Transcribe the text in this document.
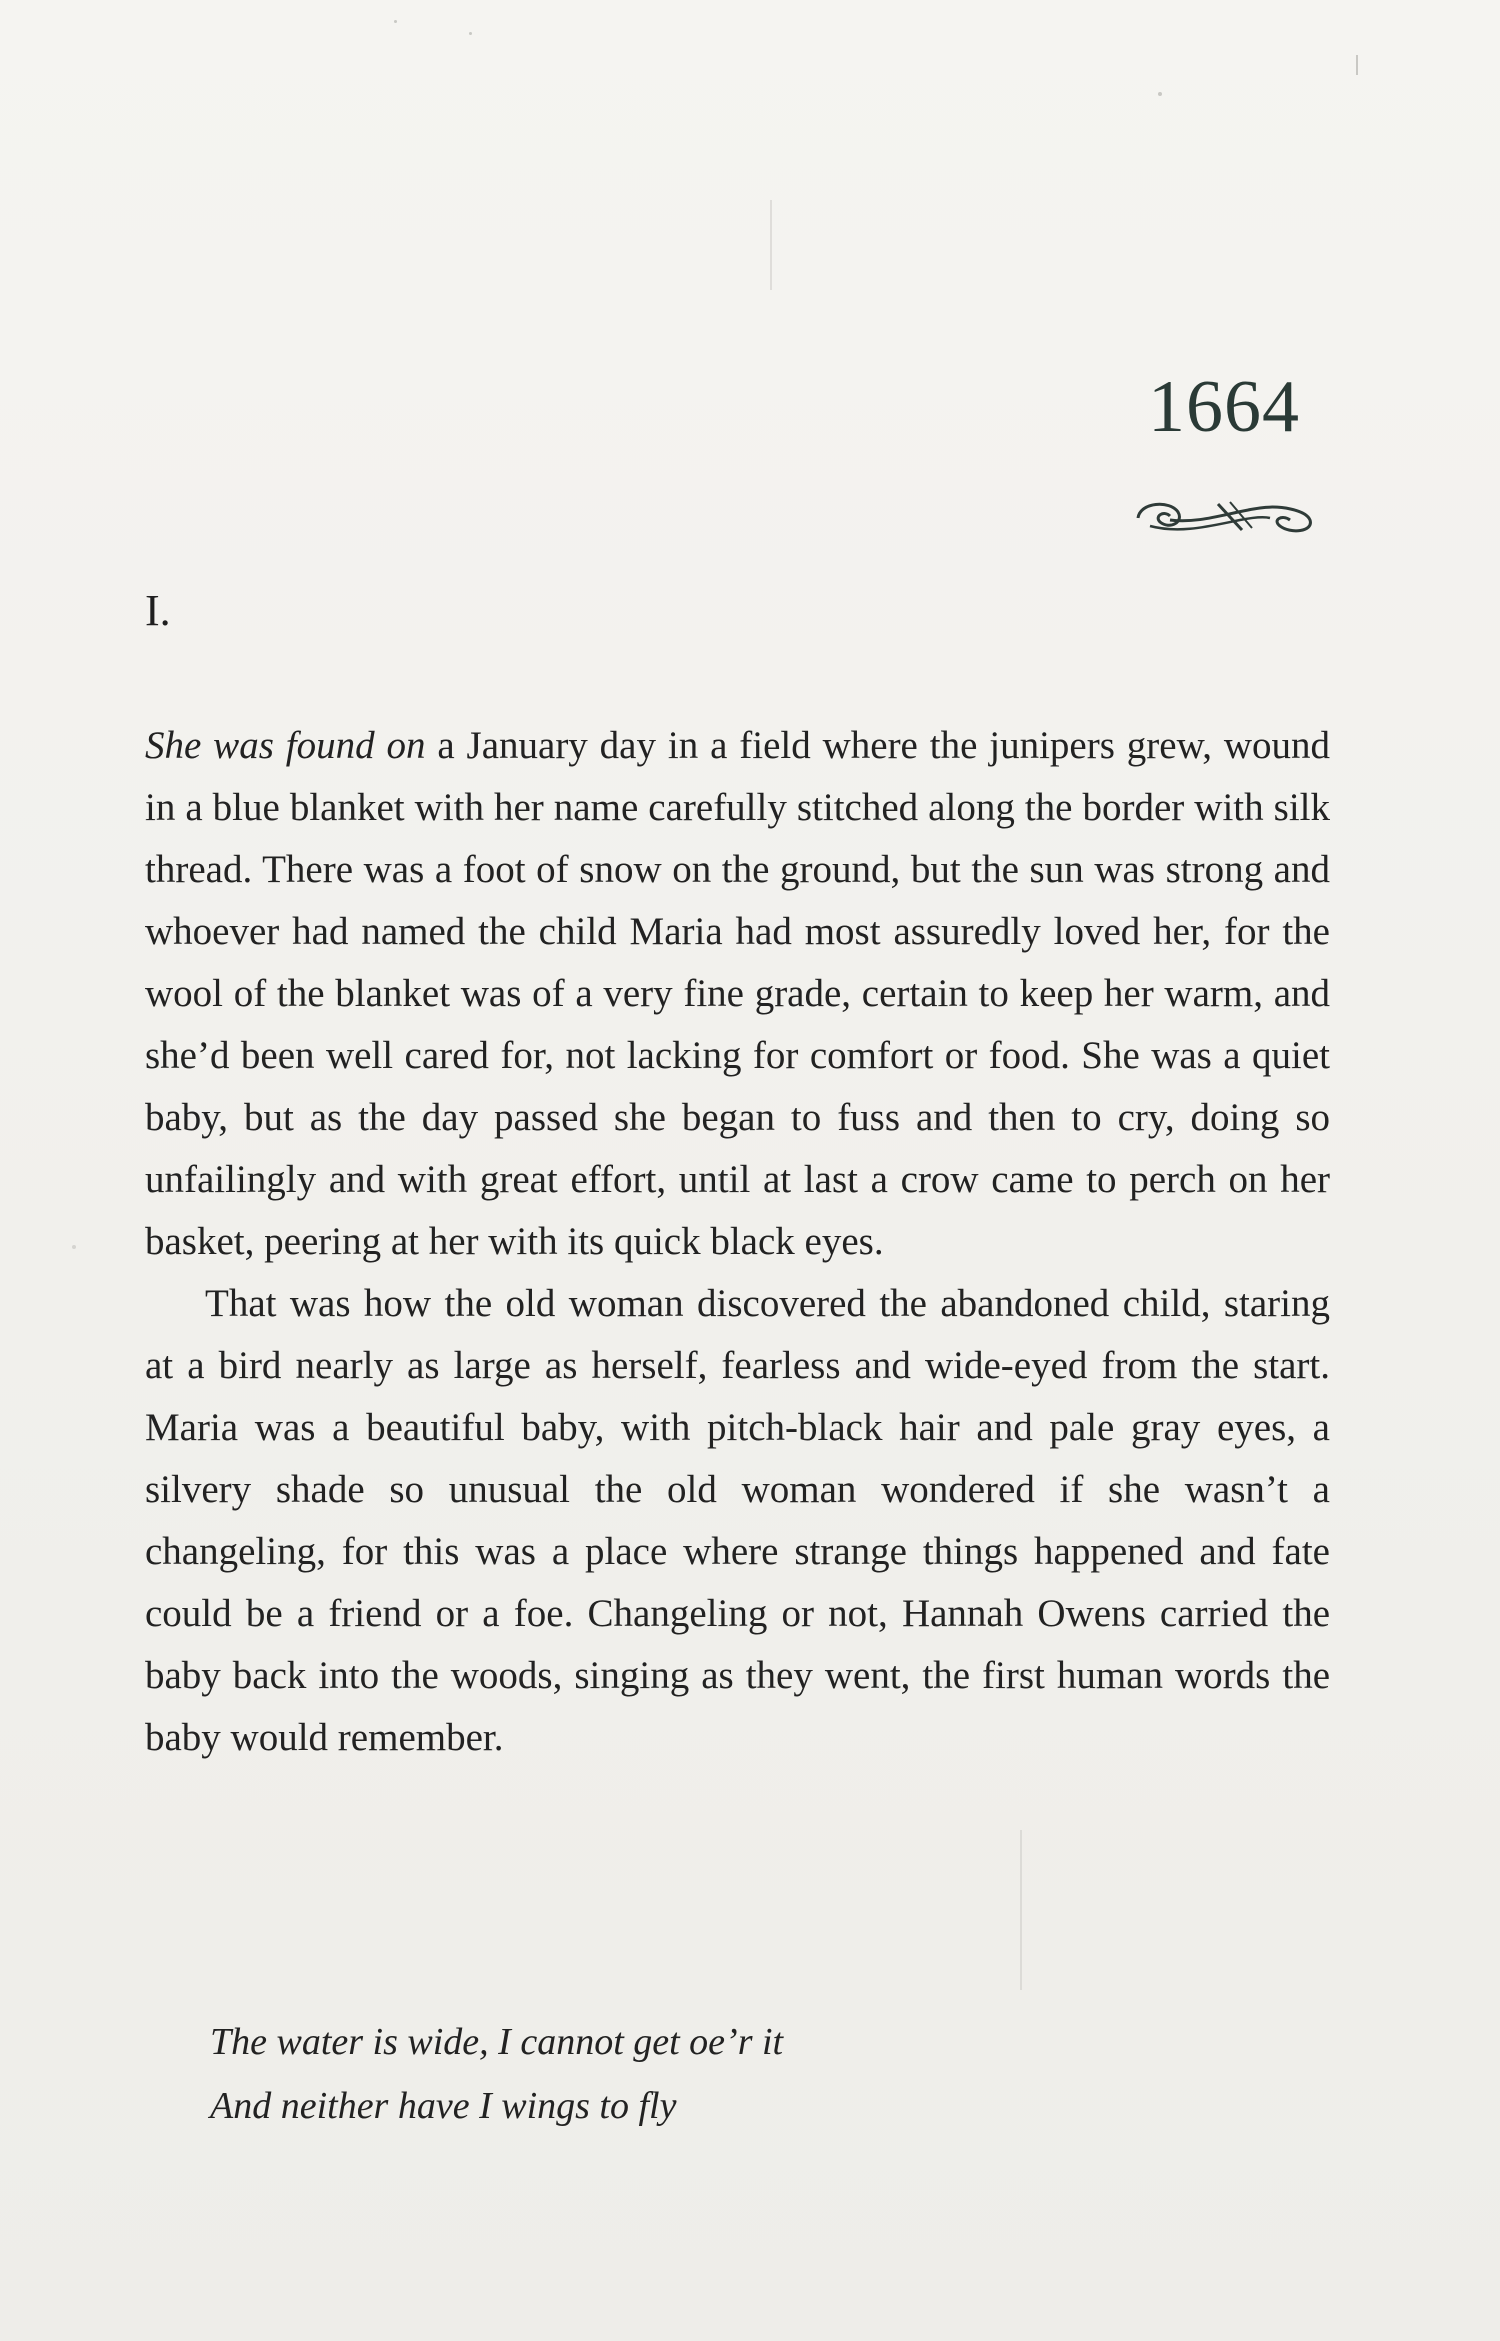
1664
I.

She was found on a January day in a field where the junipers grew, wound in a blue blanket with her name carefully stitched along the border with silk thread. There was a foot of snow on the ground, but the sun was strong and whoever had named the child Maria had most assuredly loved her, for the wool of the blanket was of a very fine grade, certain to keep her warm, and she’d been well cared for, not lacking for comfort or food. She was a quiet baby, but as the day passed she began to fuss and then to cry, doing so unfailingly and with great effort, until at last a crow came to perch on her basket, peering at her with its quick black eyes.

That was how the old woman discovered the abandoned child, staring at a bird nearly as large as herself, fearless and wide-eyed from the start. Maria was a beautiful baby, with pitch-black hair and pale gray eyes, a silvery shade so unusual the old woman wondered if she wasn’t a changeling, for this was a place where strange things happened and fate could be a friend or a foe. Changeling or not, Hannah Owens carried the baby back into the woods, singing as they went, the first human words the baby would remember.

The water is wide, I cannot get oe’r it
And neither have I wings to fly
